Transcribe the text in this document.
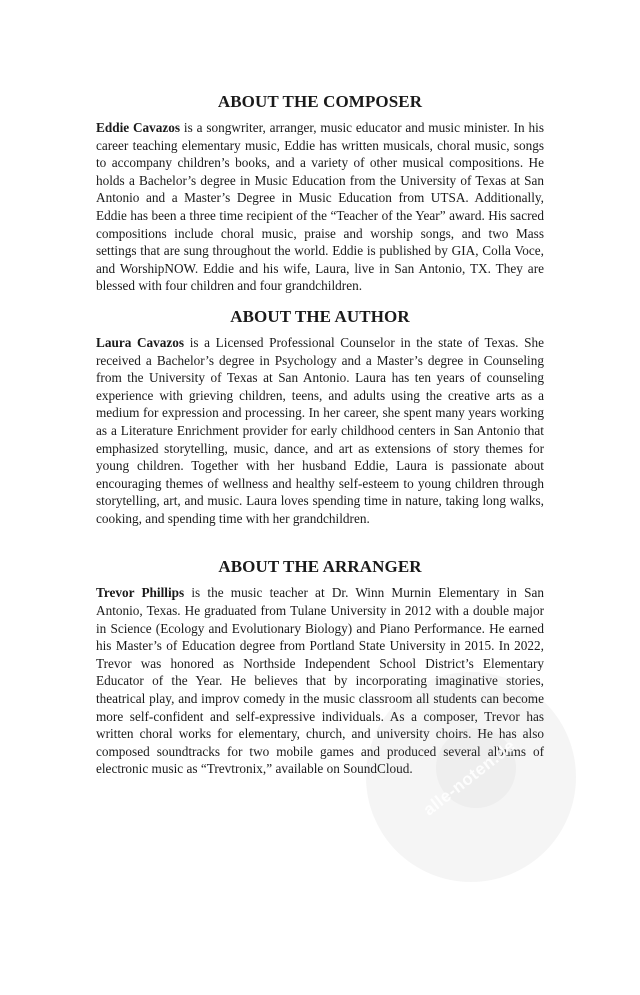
ABOUT THE COMPOSER

Eddie Cavazos is a songwriter, arranger, music educator and music minister. In his career teaching elementary music, Eddie has written musicals, choral music, songs to accompany children’s books, and a variety of other musical compositions. He holds a Bachelor’s degree in Music Education from the University of Texas at San Antonio and a Master’s Degree in Music Education from UTSA. Additionally, Eddie has been a three time recipient of the “Teacher of the Year” award. His sacred compositions include choral music, praise and worship songs, and two Mass settings that are sung throughout the world. Eddie is published by GIA, Colla Voce, and WorshipNOW. Eddie and his wife, Laura, live in San Antonio, TX. They are blessed with four children and four grandchildren.

ABOUT THE AUTHOR

Laura Cavazos is a Licensed Professional Counselor in the state of Texas. She received a Bachelor’s degree in Psychology and a Master’s degree in Counseling from the University of Texas at San Antonio. Laura has ten years of counseling experience with grieving children, teens, and adults using the creative arts as a medium for expression and processing. In her career, she spent many years working as a Literature Enrichment provider for early childhood centers in San Antonio that emphasized storytelling, music, dance, and art as extensions of story themes for young children. Together with her husband Eddie, Laura is passionate about encouraging themes of wellness and healthy self-esteem to young children through storytelling, art, and music. Laura loves spending time in nature, taking long walks, cooking, and spending time with her grandchildren.

ABOUT THE ARRANGER

Trevor Phillips is the music teacher at Dr. Winn Murnin Elementary in San Antonio, Texas. He graduated from Tulane University in 2012 with a double major in Science (Ecology and Evolutionary Biology) and Piano Performance. He earned his Master’s of Education degree from Portland State University in 2015. In 2022, Trevor was honored as Northside Independent School District’s Elementary Educator of the Year. He believes that by incorporating imaginative stories, theatrical play, and improv comedy in the music classroom all students can become more self-confident and self-expressive individuals. As a composer, Trevor has written choral works for elementary, church, and university choirs. He has also composed soundtracks for two mobile games and produced several albums of electronic music as “Trevtronix,” available on SoundCloud. alle-noten.de
